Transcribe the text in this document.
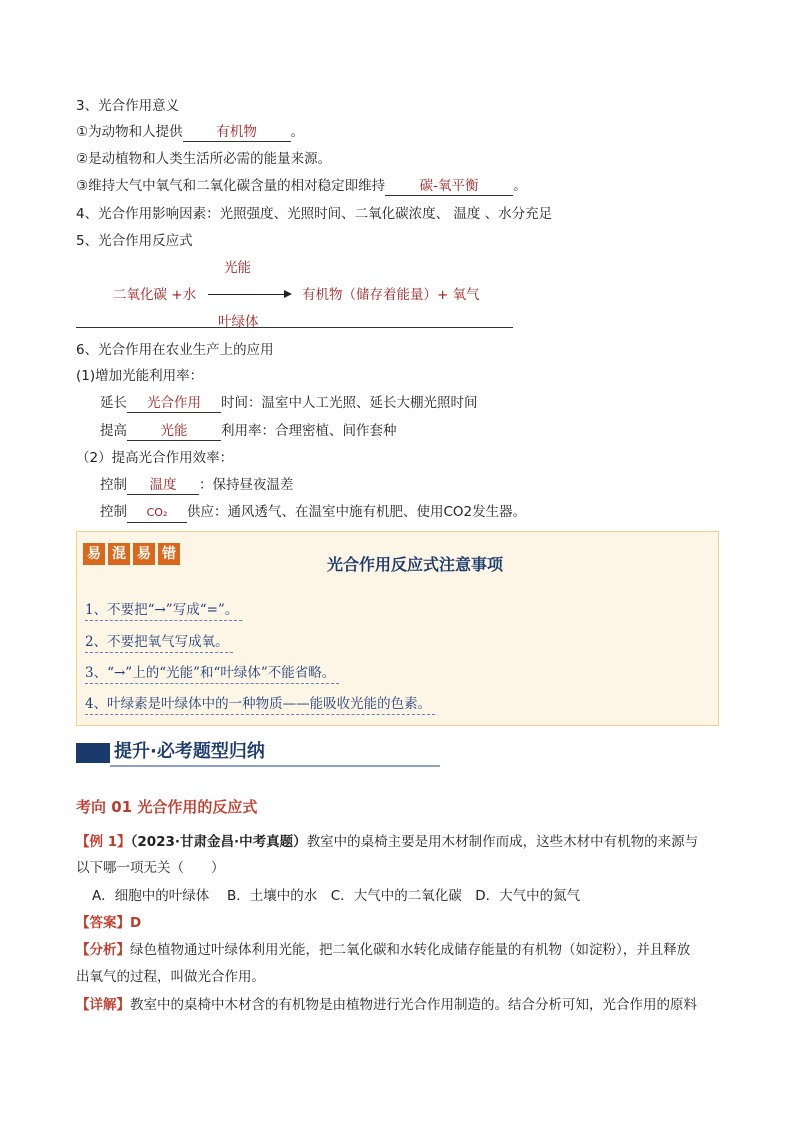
3、光合作用意义
①为动物和人提供	有机物	。
②是动植物和人类生活所必需的能量来源。
③维持大气中氧气和二氧化碳含量的相对稳定即维持	碳-氧平衡	。
4、光合作用影响因素：光照强度、光照时间、二氧化碳浓度、 温度 、水分充足
5、光合作用反应式
光能
二氧化碳 +水	有机物（储存着能量）+ 氧气
叶绿体
6、光合作用在农业生产上的应用
(1)增加光能利用率：
延长 光合作用 时间：温室中人工光照、延长大棚光照时间
提高 光能 利用率：合理密植、间作套种
（2）提高光合作用效率：
控制 温度 ：保持昼夜温差
控制 CO₂ 供应：通风透气、在温室中施有机肥、使用CO2发生器。
易 混 易 错
光合作用反应式注意事项
1、不要把“→”写成“=”。
2、不要把氧气写成氧。
3、“→”上的“光能”和“叶绿体”不能省略。
4、叶绿素是叶绿体中的一种物质——能吸收光能的色素。
提升·必考题型归纳
考向 01 光合作用的反应式
【例 1】（2023·甘肃金昌·中考真题）教室中的桌椅主要是用木材制作而成，这些木材中有机物的来源与
以下哪一项无关（　　）
A．细胞中的叶绿体　 B．土壤中的水　C．大气中的二氧化碳　D．大气中的氮气
【答案】D
【分析】绿色植物通过叶绿体利用光能，把二氧化碳和水转化成储存能量的有机物（如淀粉），并且释放
出氧气的过程，叫做光合作用。
【详解】教室中的桌椅中木材含的有机物是由植物进行光合作用制造的。结合分析可知，光合作用的原料
